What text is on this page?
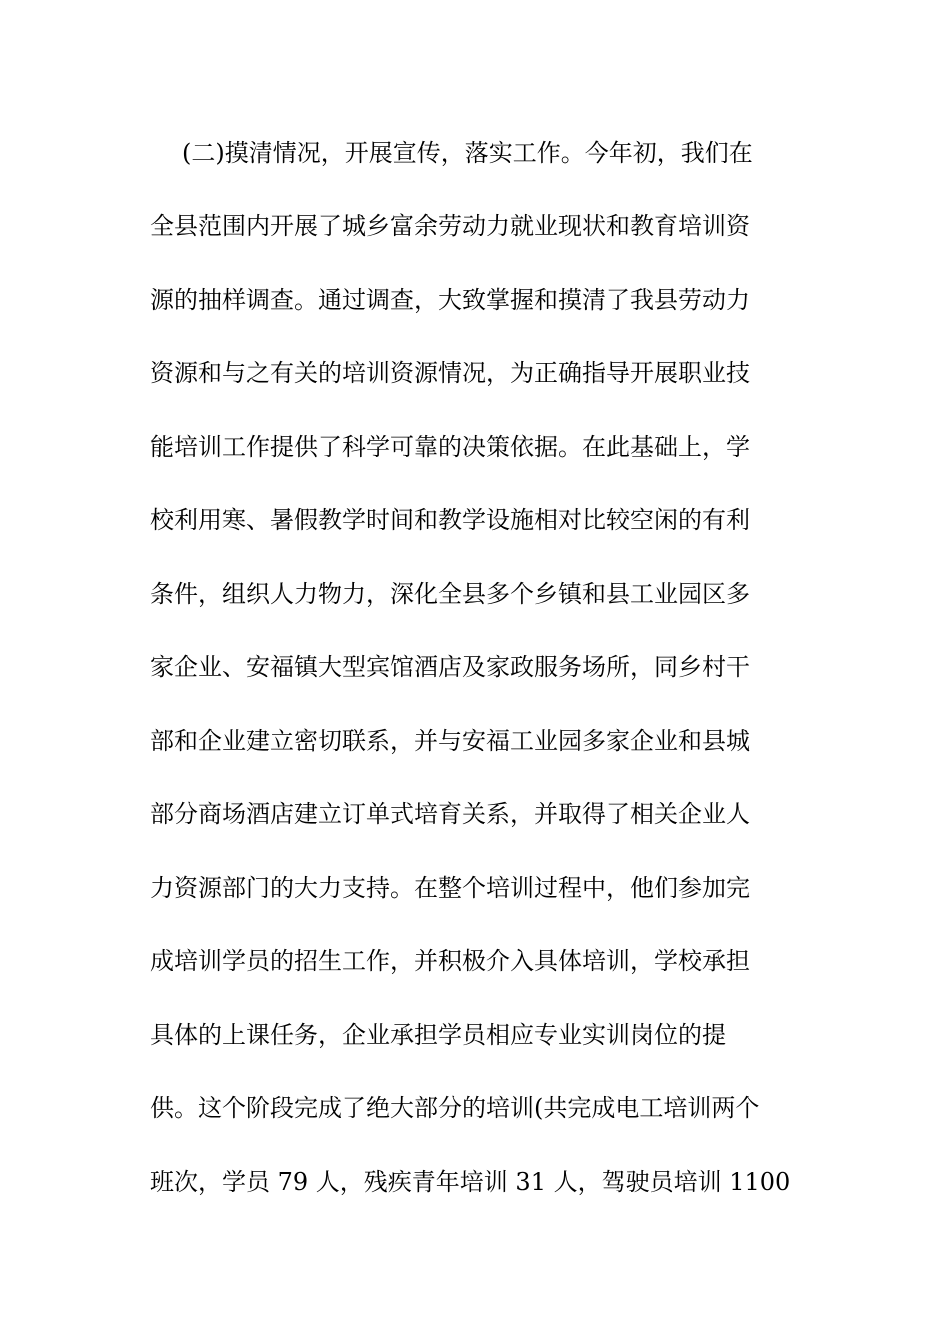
(二)摸清情况，开展宣传，落实工作。今年初，我们在
全县范围内开展了城乡富余劳动力就业现状和教育培训资
源的抽样调查。通过调查，大致掌握和摸清了我县劳动力
资源和与之有关的培训资源情况，为正确指导开展职业技
能培训工作提供了科学可靠的决策依据。在此基础上，学
校利用寒、暑假教学时间和教学设施相对比较空闲的有利
条件，组织人力物力，深化全县多个乡镇和县工业园区多
家企业、安福镇大型宾馆酒店及家政服务场所，同乡村干
部和企业建立密切联系，并与安福工业园多家企业和县城
部分商场酒店建立订单式培育关系，并取得了相关企业人
力资源部门的大力支持。在整个培训过程中，他们参加完
成培训学员的招生工作，并积极介入具体培训，学校承担
具体的上课任务，企业承担学员相应专业实训岗位的提
供。这个阶段完成了绝大部分的培训(共完成电工培训两个
班次，学员 79 人，残疾青年培训 31 人，驾驶员培训 1100
